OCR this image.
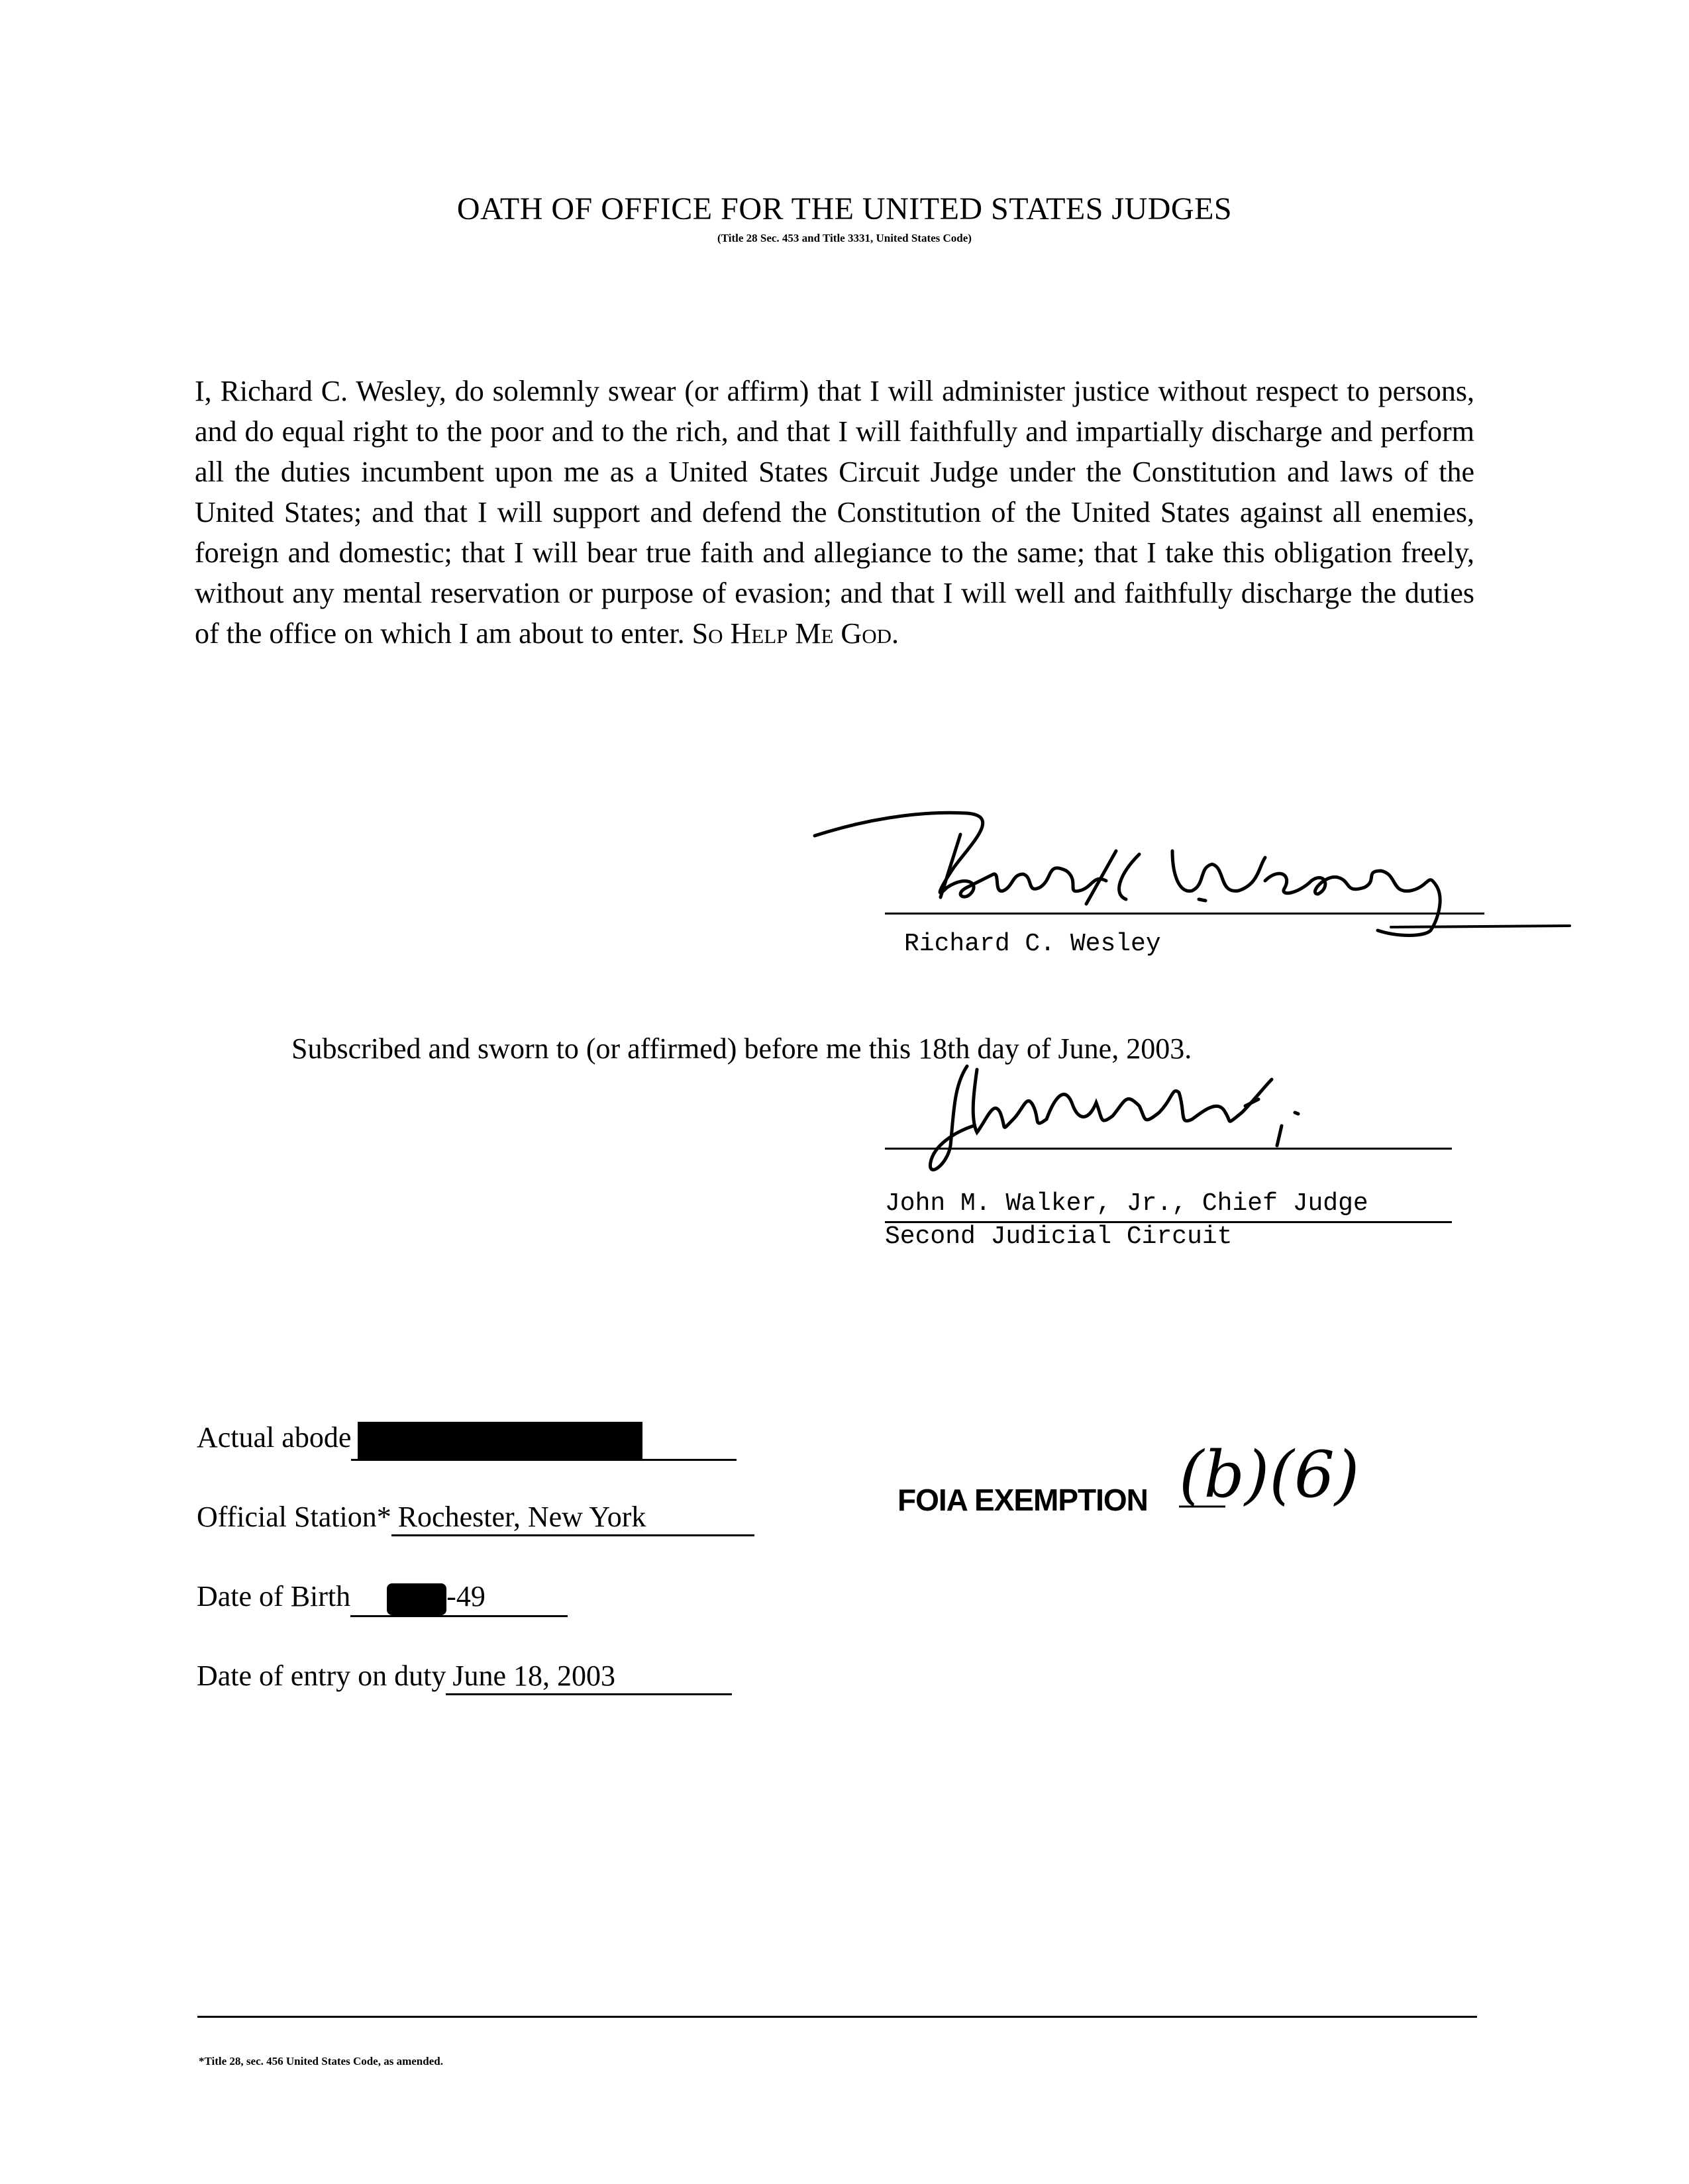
OATH OF OFFICE FOR THE UNITED STATES JUDGES
(Title 28 Sec. 453 and Title 3331, United States Code)
I, Richard C. Wesley, do solemnly swear (or affirm) that I will administer justice without respect to persons, and do equal right to the poor and to the rich, and that I will faithfully and impartially discharge and perform all the duties incumbent upon me as a United States Circuit Judge under the Constitution and laws of the United States; and that I will support and defend the Constitution of the United States against all enemies, foreign and domestic; that I will bear true faith and allegiance to the same; that I take this obligation freely, without any mental reservation or purpose of evasion; and that I will well and faithfully discharge the duties of the office on which I am about to enter. So Help Me God.
Richard C. Wesley
Subscribed and sworn to (or affirmed) before me this 18th day of June, 2003.
John M. Walker, Jr., Chief Judge
Second Judicial Circuit
Actual abode
Official Station* Rochester, New York
Date of Birth	-49
Date of entry on duty June 18, 2003
FOIA EXEMPTION (b)(6)
*Title 28, sec. 456 United States Code, as amended.
